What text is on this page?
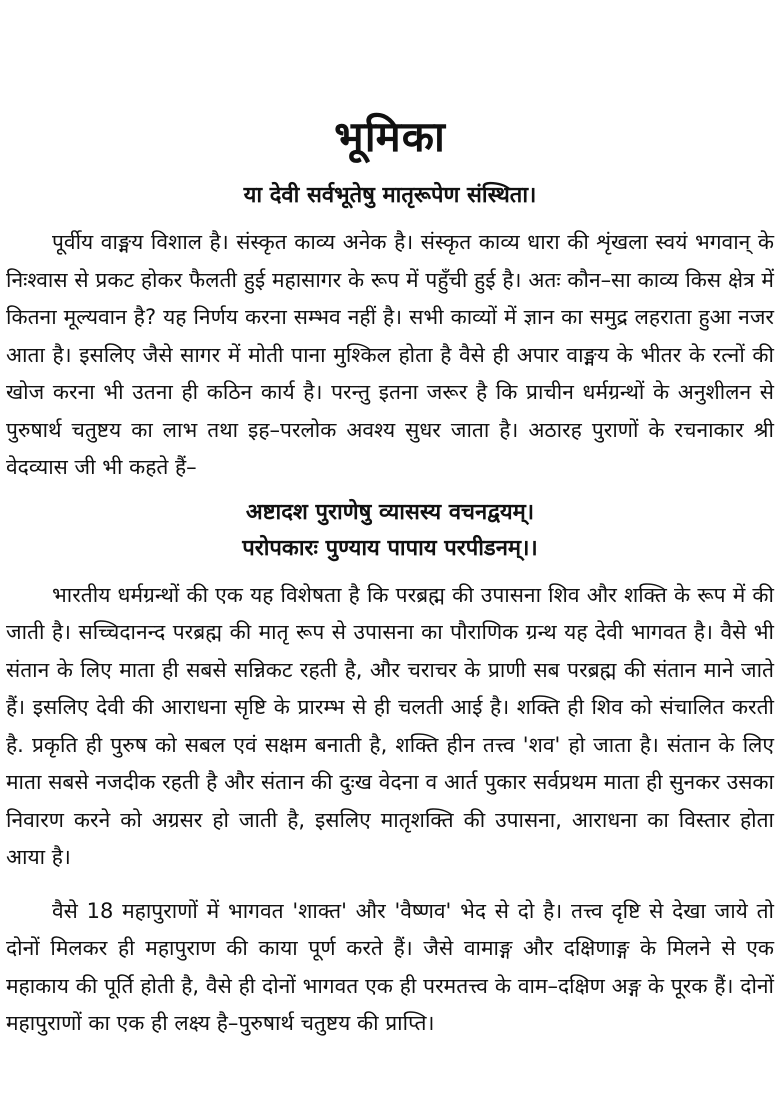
भूमिका
या देवी सर्वभूतेषु मातृरूपेण संस्थिता।

पूर्वीय वाङ्मय विशाल है। संस्कृत काव्य अनेक है। संस्कृत काव्य धारा की शृंखला स्वयं भगवान् के निःश्वास से प्रकट होकर फैलती हुई महासागर के रूप में पहुँची हुई है। अतः कौन–सा काव्य किस क्षेत्र में कितना मूल्यवान है? यह निर्णय करना सम्भव नहीं है। सभी काव्यों में ज्ञान का समुद्र लहराता हुआ नजर आता है। इसलिए जैसे सागर में मोती पाना मुश्किल होता है वैसे ही अपार वाङ्मय के भीतर के रत्नों की खोज करना भी उतना ही कठिन कार्य है। परन्तु इतना जरूर है कि प्राचीन धर्मग्रन्थों के अनुशीलन से पुरुषार्थ चतुष्टय का लाभ तथा इह–परलोक अवश्य सुधर जाता है। अठारह पुराणों के रचनाकार श्री वेदव्यास जी भी कहते हैं–

अष्टादश पुराणेषु व्यासस्य वचनद्वयम्।
परोपकारः पुण्याय पापाय परपीडनम्।।

भारतीय धर्मग्रन्थों की एक यह विशेषता है कि परब्रह्म की उपासना शिव और शक्ति के रूप में की जाती है। सच्चिदानन्द परब्रह्म की मातृ रूप से उपासना का पौराणिक ग्रन्थ यह देवी भागवत है। वैसे भी संतान के लिए माता ही सबसे सन्निकट रहती है, और चराचर के प्राणी सब परब्रह्म की संतान माने जाते हैं। इसलिए देवी की आराधना सृष्टि के प्रारम्भ से ही चलती आई है। शक्ति ही शिव को संचालित करती है. प्रकृति ही पुरुष को सबल एवं सक्षम बनाती है, शक्ति हीन तत्त्व 'शव' हो जाता है। संतान के लिए माता सबसे नजदीक रहती है और संतान की दुःख वेदना व आर्त पुकार सर्वप्रथम माता ही सुनकर उसका निवारण करने को अग्रसर हो जाती है, इसलिए मातृशक्ति की उपासना, आराधना का विस्तार होता आया है।

वैसे 18 महापुराणों में भागवत 'शाक्त' और 'वैष्णव' भेद से दो है। तत्त्व दृष्टि से देखा जाये तो दोनों मिलकर ही महापुराण की काया पूर्ण करते हैं। जैसे वामाङ्ग और दक्षिणाङ्ग के मिलने से एक महाकाय की पूर्ति होती है, वैसे ही दोनों भागवत एक ही परमतत्त्व के वाम–दक्षिण अङ्ग के पूरक हैं। दोनों महापुराणों का एक ही लक्ष्य है–पुरुषार्थ चतुष्टय की प्राप्ति।
